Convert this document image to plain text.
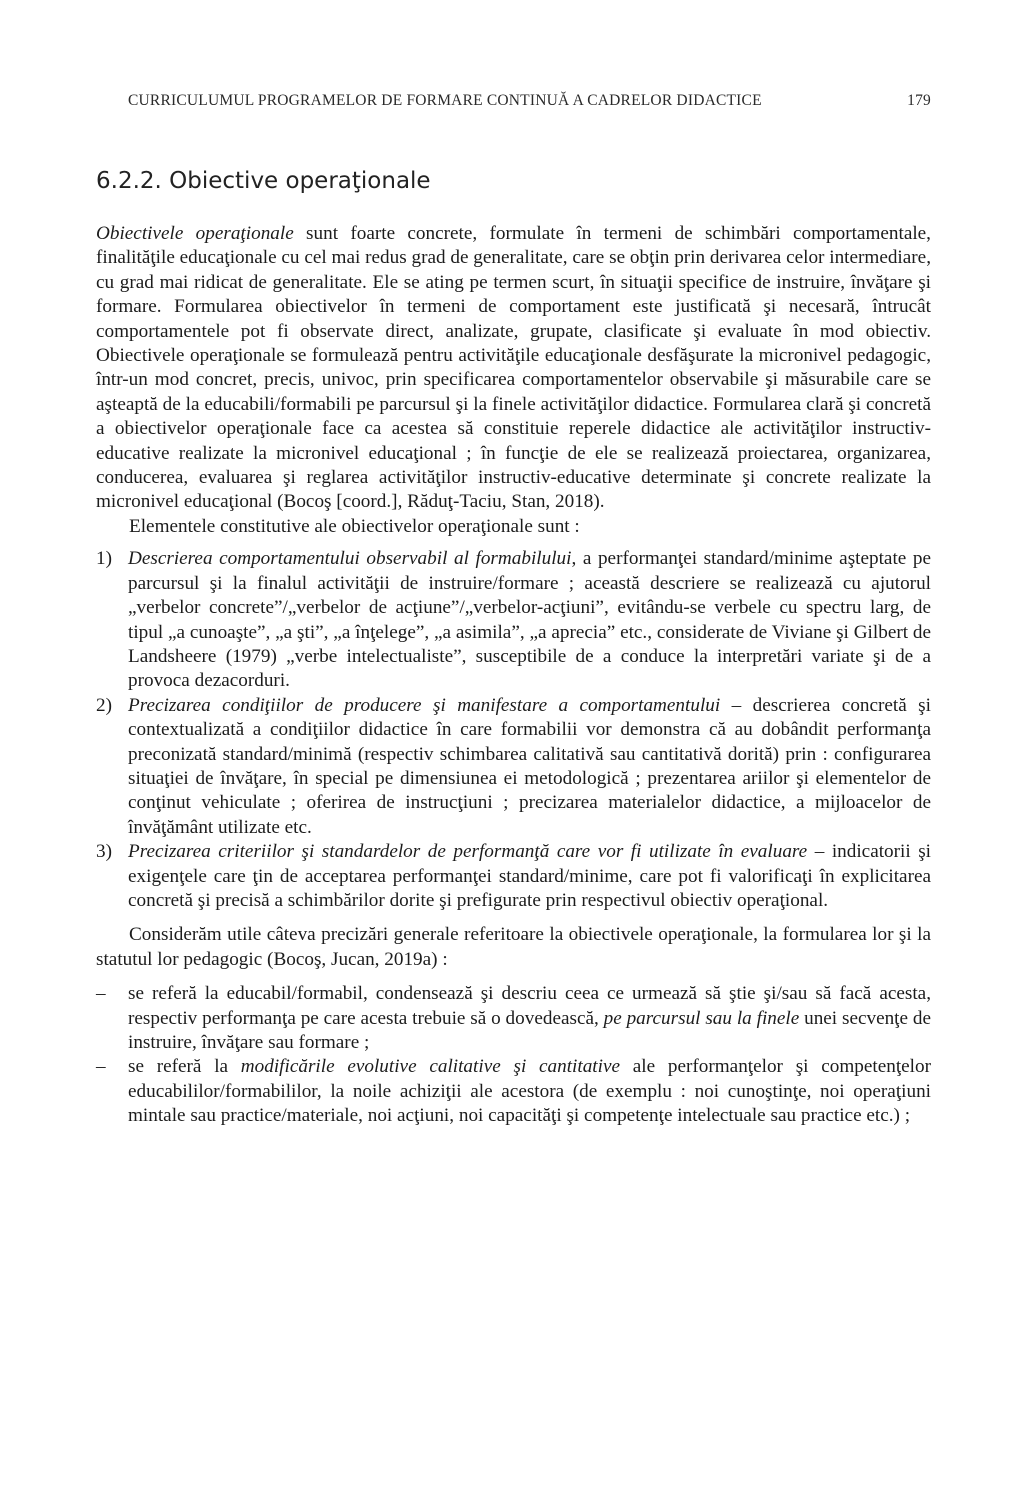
CURRICULUMUL PROGRAMELOR DE FORMARE CONTINUĂ A CADRELOR DIDACTICE	179
6.2.2. Obiective operaţionale

Obiectivele operaţionale sunt foarte concrete, formulate în termeni de schimbări comportamentale, finalităţile educaţionale cu cel mai redus grad de generalitate, care se obţin prin derivarea celor intermediare, cu grad mai ridicat de generalitate. Ele se ating pe termen scurt, în situaţii specifice de instruire, învăţare şi formare. Formularea obiectivelor în termeni de comportament este justificată şi necesară, întrucât comportamentele pot fi observate direct, analizate, grupate, clasificate şi evaluate în mod obiectiv. Obiectivele operaţionale se formulează pentru activităţile educaţionale desfăşurate la micronivel pedagogic, într-un mod concret, precis, univoc, prin specificarea comportamentelor observabile şi măsurabile care se aşteaptă de la educabili/formabili pe parcursul şi la finele activităţilor didactice. Formularea clară şi concretă a obiectivelor operaţionale face ca acestea să constituie reperele didactice ale activităţilor instructiv-educative realizate la micronivel educaţional ; în funcţie de ele se realizează proiectarea, organizarea, conducerea, evaluarea şi reglarea activităţilor instructiv-educative determinate şi concrete realizate la micronivel educaţional (Bocoş [coord.], Răduţ-Taciu, Stan, 2018).

Elementele constitutive ale obiectivelor operaţionale sunt :

1) Descrierea comportamentului observabil al formabilului, a performanţei standard/minime aşteptate pe parcursul şi la finalul activităţii de instruire/formare ; această descriere se realizează cu ajutorul „verbelor concrete”/„verbelor de acţiune”/„verbelor-acţiuni”, evitându-se verbele cu spectru larg, de tipul „a cunoaşte”, „a şti”, „a înţelege”, „a asimila”, „a aprecia” etc., considerate de Viviane şi Gilbert de Landsheere (1979) „verbe intelectualiste”, susceptibile de a conduce la interpretări variate şi de a provoca dezacorduri.
2) Precizarea condiţiilor de producere şi manifestare a comportamentului – descrierea concretă şi contextualizată a condiţiilor didactice în care formabilii vor demonstra că au dobândit performanţa preconizată standard/minimă (respectiv schimbarea calitativă sau cantitativă dorită) prin : configurarea situaţiei de învăţare, în special pe dimensiunea ei metodologică ; prezentarea ariilor şi elementelor de conţinut vehiculate ; oferirea de instrucţiuni ; precizarea materialelor didactice, a mijloacelor de învăţământ utilizate etc.
3) Precizarea criteriilor şi standardelor de performanţă care vor fi utilizate în evaluare – indicatorii şi exigenţele care ţin de acceptarea performanţei standard/minime, care pot fi valorificaţi în explicitarea concretă şi precisă a schimbărilor dorite şi prefigurate prin respectivul obiectiv operaţional.

Considerăm utile câteva precizări generale referitoare la obiectivele operaţionale, la formularea lor şi la statutul lor pedagogic (Bocoş, Jucan, 2019a) :

– se referă la educabil/formabil, condensează şi descriu ceea ce urmează să ştie şi/sau să facă acesta, respectiv performanţa pe care acesta trebuie să o dovedească, pe parcursul sau la finele unei secvenţe de instruire, învăţare sau formare ;
– se referă la modificările evolutive calitative şi cantitative ale performanţelor şi competenţelor educabililor/formabililor, la noile achiziţii ale acestora (de exemplu : noi cunoştinţe, noi operaţiuni mintale sau practice/materiale, noi acţiuni, noi capacităţi şi competenţe intelectuale sau practice etc.) ;
